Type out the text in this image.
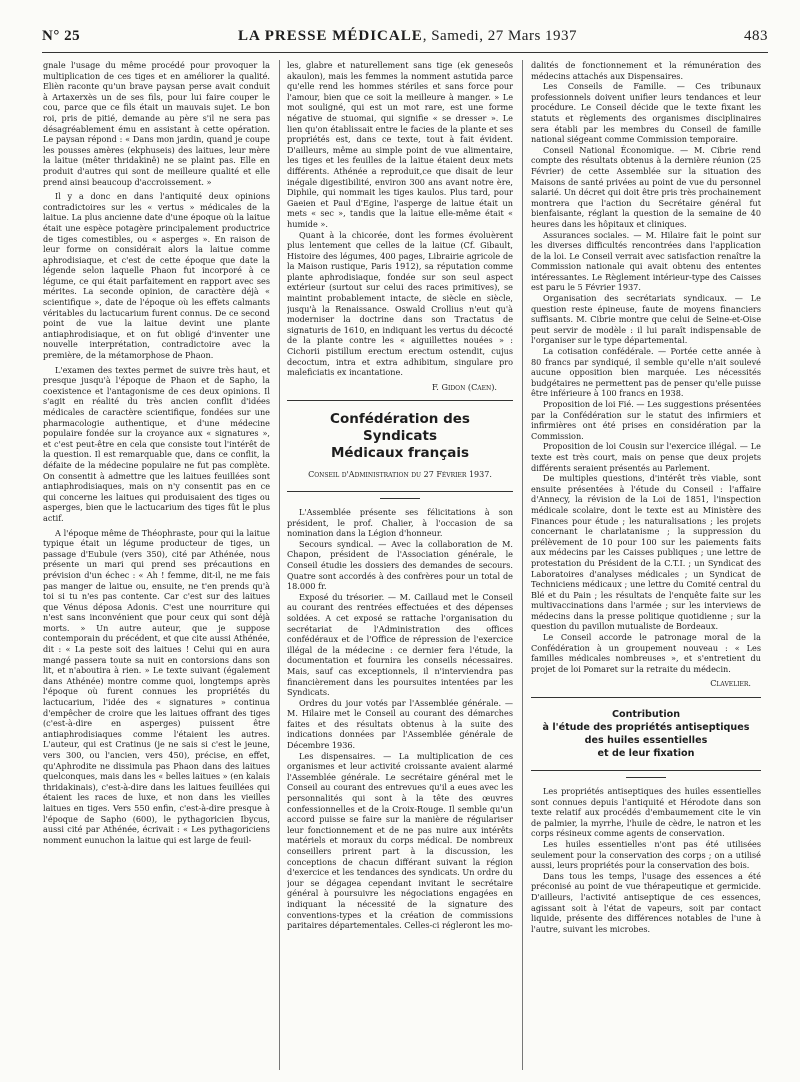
N° 25	LA PRESSE MÉDICALE, Samedi, 27 Mars 1937	483

gnale l'usage du même procédé pour provoquer la multiplication de ces tiges et en améliorer la qualité. Elièn raconte qu'un brave paysan perse avait conduit à Artaxerxès un de ses fils, pour lui faire couper le cou, parce que ce fils était un mauvais sujet. Le bon roi, pris de pitié, demande au père s'il ne sera pas désagréablement ému en assistant à cette opération. Le paysan répond : « Dans mon jardin, quand je coupe les pousses amères (ekphuseis) des laitues, leur mère la laitue (mêter thridakinê) ne se plaint pas. Elle en produit d'autres qui sont de meilleure qualité et elle prend ainsi beaucoup d'accroissement. »

Il y a donc en dans l'antiquité deux opinions contradictoires sur les « vertus » médicales de la laitue. La plus ancienne date d'une époque où la laitue était une espèce potagère principalement productrice de tiges comestibles, ou « asperges ». En raison de leur forme on considérait alors la laitue comme aphrodisiaque, et c'est de cette époque que date la légende selon laquelle Phaon fut incorporé à ce légume, ce qui était parfaitement en rapport avec ses mérites. La seconde opinion, de caractère déjà « scientifique », date de l'époque où les effets calmants véritables du lactucarium furent connus. De ce second point de vue la laitue devint une plante antiaphrodisiaque, et on fut obligé d'inventer une nouvelle interprétation, contradictoire avec la première, de la métamorphose de Phaon.

L'examen des textes permet de suivre très haut, et presque jusqu'à l'époque de Phaon et de Sapho, la coexistence et l'antagonisme de ces deux opinions. Il s'agit en réalité du très ancien conflit d'idées médicales de caractère scientifique, fondées sur une pharmacologie authentique, et d'une médecine populaire fondée sur la croyance aux « signatures », et c'est peut-être en cela que consiste tout l'intérêt de la question. Il est remarquable que, dans ce conflit, la défaite de la médecine populaire ne fut pas complète. On consentit à admettre que les laitues feuillées sont antiaphrodisiaques, mais on n'y consentit pas en ce qui concerne les laitues qui produisaient des tiges ou asperges, bien que le lactucarium des tiges fût le plus actif.

A l'époque même de Théophraste, pour qui la laitue typique était un légume producteur de tiges, un passage d'Eubule (vers 350), cité par Athénée, nous présente un mari qui prend ses précautions en prévision d'un échec : « Ah ! femme, dit-il, ne me fais pas manger de laitue ou, ensuite, ne t'en prends qu'à toi si tu n'es pas contente. Car c'est sur des laitues que Vénus déposa Adonis. C'est une nourriture qui n'est sans inconvénient que pour ceux qui sont déjà morts. » Un autre auteur, que je suppose contemporain du précédent, et que cite aussi Athénée, dit : « La peste soit des laitues ! Celui qui en aura mangé passera toute sa nuit en contorsions dans son lit, et n'aboutira à rien. » Le texte suivant (également dans Athénée) montre comme quoi, longtemps après l'époque où furent connues les propriétés du lactucarium, l'idée des « signatures » continua d'empêcher de croire que les laitues offrant des tiges (c'est-à-dire en asperges) puissent être antiaphrodisiaques comme l'étaient les autres. L'auteur, qui est Cratinus (je ne sais si c'est le jeune, vers 300, ou l'ancien, vers 450), précise, en effet, qu'Aphrodite ne dissimula pas Phaon dans des laitues quelconques, mais dans les « belles laitues » (en kalais thridakinais), c'est-à-dire dans les laitues feuillées qui étaient les races de luxe, et non dans les vieilles laitues en tiges. Vers 550 enfin, c'est-à-dire presque à l'époque de Sapho (600), le pythagoricien Ibycus, aussi cité par Athénée, écrivait : « Les pythagoriciens nomment eunuchon la laitue qui est large de feuil-

les, glabre et naturellement sans tige (ek geneseôs akaulon), mais les femmes la nomment astutida parce qu'elle rend les hommes stériles et sans force pour l'amour, bien que ce soit la meilleure à manger. » Le mot souligné, qui est un mot rare, est une forme négative de stuomai, qui signifie « se dresser ». Le lien qu'on établissait entre le facies de la plante et ses propriétés est, dans ce texte, tout à fait évident. D'ailleurs, même au simple point de vue alimentaire, les tiges et les feuilles de la laitue étaient deux mets différents. Athénée a reproduit,ce que disait de leur inégale digestibilité, environ 300 ans avant notre ère, Diphile, qui nommait les tiges kaulos. Plus tard, pour Gaeien et Paul d'Egine, l'asperge de laitue était un mets « sec », tandis que la laitue elle-même était « humide ».

Quant à la chicorée, dont les formes évoluèrent plus lentement que celles de la laitue (Cf. Gibault, Histoire des légumes, 400 pages, Librairie agricole de la Maison rustique, Paris 1912), sa réputation comme plante aphrodisiaque, fondée sur son seul aspect extérieur (surtout sur celui des races primitives), se maintint probablement intacte, de siècle en siècle, jusqu'à la Renaissance. Oswald Crollius n'eut qu'à moderniser la doctrine dans son Tractatus de signaturis de 1610, en indiquant les vertus du décocté de la plante contre les « aiguillettes nouées » : Cichorii pistillum erectum erectum ostendit, cujus decoctum, intra et extra adhibitum, singulare pro maleficiatis ex incantatione.

F. Gidon (Caen).
Confédération des Syndicats
Médicaux français
Conseil d'Administration du 27 Février 1937.

L'Assemblée présente ses félicitations à son président, le prof. Chalier, à l'occasion de sa nomination dans la Légion d'honneur.

Secours syndical. — Avec la collaboration de M. Chapon, président de l'Association générale, le Conseil étudie les dossiers des demandes de secours. Quatre sont accordés à des confrères pour un total de 18.000 fr.

Exposé du trésorier. — M. Caillaud met le Conseil au courant des rentrées effectuées et des dépenses soldées. A cet exposé se rattache l'organisation du secrétariat de l'Administration des offices confédéraux et de l'Office de répression de l'exercice illégal de la médecine : ce dernier fera l'étude, la documentation et fournira les conseils nécessaires. Mais, sauf cas exceptionnels, il n'interviendra pas financièrement dans les poursuites intentées par les Syndicats.

Ordres du jour votés par l'Assemblée générale. — M. Hilaire met le Conseil au courant des démarches faites et des résultats obtenus à la suite des indications données par l'Assemblée générale de Décembre 1936.

Les dispensaires. — La multiplication de ces organismes et leur activité croissante avaient alarmé l'Assemblée générale. Le secrétaire général met le Conseil au courant des entrevues qu'il a eues avec les personnalités qui sont à la tête des œuvres confessionnelles et de la Croix-Rouge. Il semble qu'un accord puisse se faire sur la manière de régulariser leur fonctionnement et de ne pas nuire aux intérêts matériels et moraux du corps médical. De nombreux conseillers prirent part à la discussion, les conceptions de chacun différant suivant la région d'exercice et les tendances des syndicats. Un ordre du jour se dégagea cependant invitant le secrétaire général à poursuivre les négociations engagées en indiquant la nécessité de la signature des conventions-types et la création de commissions paritaires départementales. Celles-ci régleront les mo-

dalités de fonctionnement et la rémunération des médecins attachés aux Dispensaires.

Les Conseils de Famille. — Ces tribunaux professionnels doivent unifier leurs tendances et leur procédure. Le Conseil décide que le texte fixant les statuts et règlements des organismes disciplinaires sera établi par les membres du Conseil de famille national siégeant comme Commission temporaire.

Conseil National Économique. — M. Cibrie rend compte des résultats obtenus à la dernière réunion (25 Février) de cette Assemblée sur la situation des Maisons de santé privées au point de vue du personnel salarié. Un décret qui doit être pris très prochainement montrera que l'action du Secrétaire général fut bienfaisante, réglant la question de la semaine de 40 heures dans les hôpitaux et cliniques.

Assurances sociales. — M. Hilaire fait le point sur les diverses difficultés rencontrées dans l'application de la loi. Le Conseil verrait avec satisfaction renaître la Commission nationale qui avait obtenu des ententes intéressantes. Le Règlement intérieur-type des Caisses est paru le 5 Février 1937.

Organisation des secrétariats syndicaux. — Le question reste épineuse, faute de moyens financiers suffisants. M. Cibrie montre que celui de Seine-et-Oise peut servir de modèle : il lui paraît indispensable de l'organiser sur le type départemental.

La cotisation confédérale. — Portée cette année à 80 francs par syndiqué, il semble qu'elle n'ait soulevé aucune opposition bien marquée. Les nécessités budgétaires ne permettent pas de penser qu'elle puisse être inférieure à 100 francs en 1938.

Proposition de loi Fié. — Les suggestions présentées par la Confédération sur le statut des infirmiers et infirmières ont été prises en considération par la Commission.

Proposition de loi Cousin sur l'exercice illégal. — Le texte est très court, mais on pense que deux projets différents seraient présentés au Parlement.

De multiples questions, d'intérêt très viable, sont ensuite présentées à l'étude du Conseil : l'affaire d'Annecy, la révision de la Loi de 1851, l'inspection médicale scolaire, dont le texte est au Ministère des Finances pour étude ; les naturalisations ; les projets concernant le charlatanisme ; la suppression du prélèvement de 10 pour 100 sur les paiements faits aux médecins par les Caisses publiques ; une lettre de protestation du Président de la C.T.I. ; un Syndicat des Laboratoires d'analyses médicales ; un Syndicat de Techniciens médicaux ; une lettre du Comité central du Blé et du Pain ; les résultats de l'enquête faite sur les multivaccinations dans l'armée ; sur les interviews de médecins dans la presse politique quotidienne ; sur la question du pavillon mutualiste de Bordeaux.

Le Conseil accorde le patronage moral de la Confédération à un groupement nouveau : « Les familles médicales nombreuses », et s'entretient du projet de loi Pomaret sur la retraite du médecin.

Clavelier.
Contribution
à l'étude des propriétés antiseptiques
des huiles essentielles
et de leur fixation

Les propriétés antiseptiques des huiles essentielles sont connues depuis l'antiquité et Hérodote dans son texte relatif aux procédés d'embaumement cite le vin de palmier, la myrrhe, l'huile de cèdre, le natron et les corps résineux comme agents de conservation.

Les huiles essentielles n'ont pas été utilisées seulement pour la conservation des corps ; on a utilisé aussi, leurs propriétés pour la conservation des bois.

Dans tous les temps, l'usage des essences a été préconisé au point de vue thérapeutique et germicide. D'ailleurs, l'activité antiseptique de ces essences, agissant soit à l'état de vapeurs, soit par contact liquide, présente des différences notables de l'une à l'autre, suivant les microbes.
